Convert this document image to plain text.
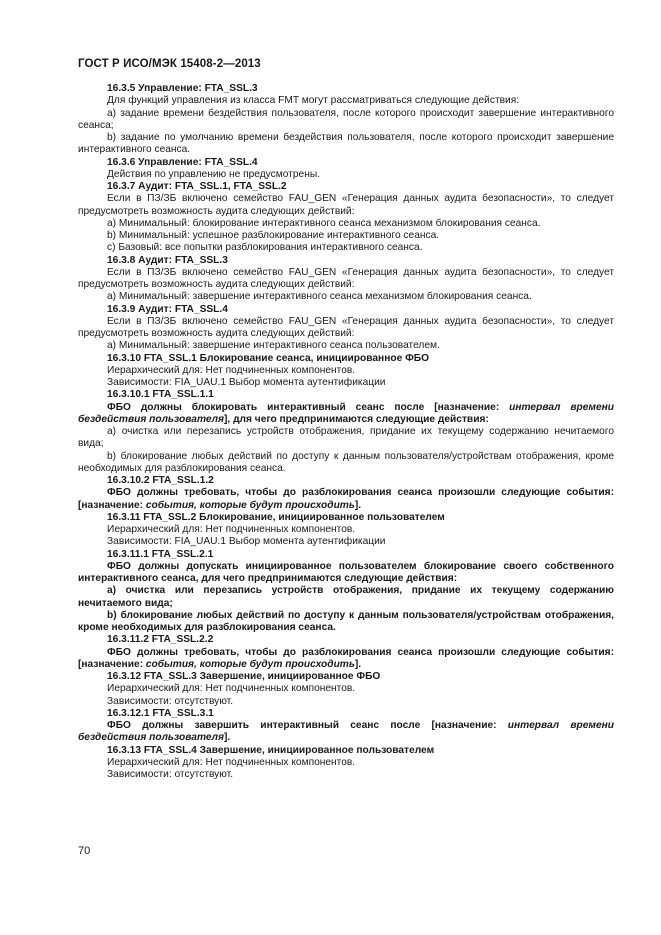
ГОСТ Р ИСО/МЭК 15408-2—2013

16.3.5 Управление: FTA_SSL.3

Для функций управления из класса FMT могут рассматриваться следующие действия:

a) задание времени бездействия пользователя, после которого происходит завершение интерактивного сеанса;

b) задание по умолчанию времени бездействия пользователя, после которого происходит завершение интерактивного сеанса.

16.3.6 Управление: FTA_SSL.4

Действия по управлению не предусмотрены.

16.3.7 Аудит: FTA_SSL.1, FTA_SSL.2

Если в ПЗ/ЗБ включено семейство FAU_GEN «Генерация данных аудита безопасности», то следует предусмотреть возможность аудита следующих действий:

a) Минимальный: блокирование интерактивного сеанса механизмом блокирования сеанса.

b) Минимальный: успешное разблокирование интерактивного сеанса.

c) Базовый: все попытки разблокирования интерактивного сеанса.

16.3.8 Аудит: FTA_SSL.3

Если в ПЗ/ЗБ включено семейство FAU_GEN «Генерация данных аудита безопасности», то следует предусмотреть возможность аудита следующих действий:

a) Минимальный: завершение интерактивного сеанса механизмом блокирования сеанса.

16.3.9 Аудит: FTA_SSL.4

Если в ПЗ/ЗБ включено семейство FAU_GEN «Генерация данных аудита безопасности», то следует предусмотреть возможность аудита следующих действий:

a) Минимальный: завершение интерактивного сеанса пользователем.

16.3.10 FTA_SSL.1 Блокирование сеанса, инициированное ФБО

Иерархический для: Нет подчиненных компонентов.

Зависимости: FIA_UAU.1 Выбор момента аутентификации

16.3.10.1 FTA_SSL.1.1

ФБО должны блокировать интерактивный сеанс после [назначение: интервал времени бездействия пользователя], для чего предпринимаются следующие действия:

a) очистка или перезапись устройств отображения, придание их текущему содержанию нечитаемого вида;

b) блокирование любых действий по доступу к данным пользователя/устройствам отображения, кроме необходимых для разблокирования сеанса.

16.3.10.2 FTA_SSL.1.2

ФБО должны требовать, чтобы до разблокирования сеанса произошли следующие события: [назначение: события, которые будут происходить].

16.3.11 FTA_SSL.2 Блокирование, инициированное пользователем

Иерархический для: Нет подчиненных компонентов.

Зависимости: FIA_UAU.1 Выбор момента аутентификации

16.3.11.1 FTA_SSL.2.1

ФБО должны допускать инициированное пользователем блокирование своего собственного интерактивного сеанса, для чего предпринимаются следующие действия:

a) очистка или перезапись устройств отображения, придание их текущему содержанию нечитаемого вида;

b) блокирование любых действий по доступу к данным пользователя/устройствам отображения, кроме необходимых для разблокирования сеанса.

16.3.11.2 FTA_SSL.2.2

ФБО должны требовать, чтобы до разблокирования сеанса произошли следующие события: [назначение: события, которые будут происходить].

16.3.12 FTA_SSL.3 Завершение, инициированное ФБО

Иерархический для: Нет подчиненных компонентов.

Зависимости: отсутствуют.

16.3.12.1 FTA_SSL.3.1

ФБО должны завершить интерактивный сеанс после [назначение: интервал времени бездействия пользователя].

16.3.13 FTA_SSL.4 Завершение, инициированное пользователем

Иерархический для: Нет подчиненных компонентов.

Зависимости: отсутствуют.

70
